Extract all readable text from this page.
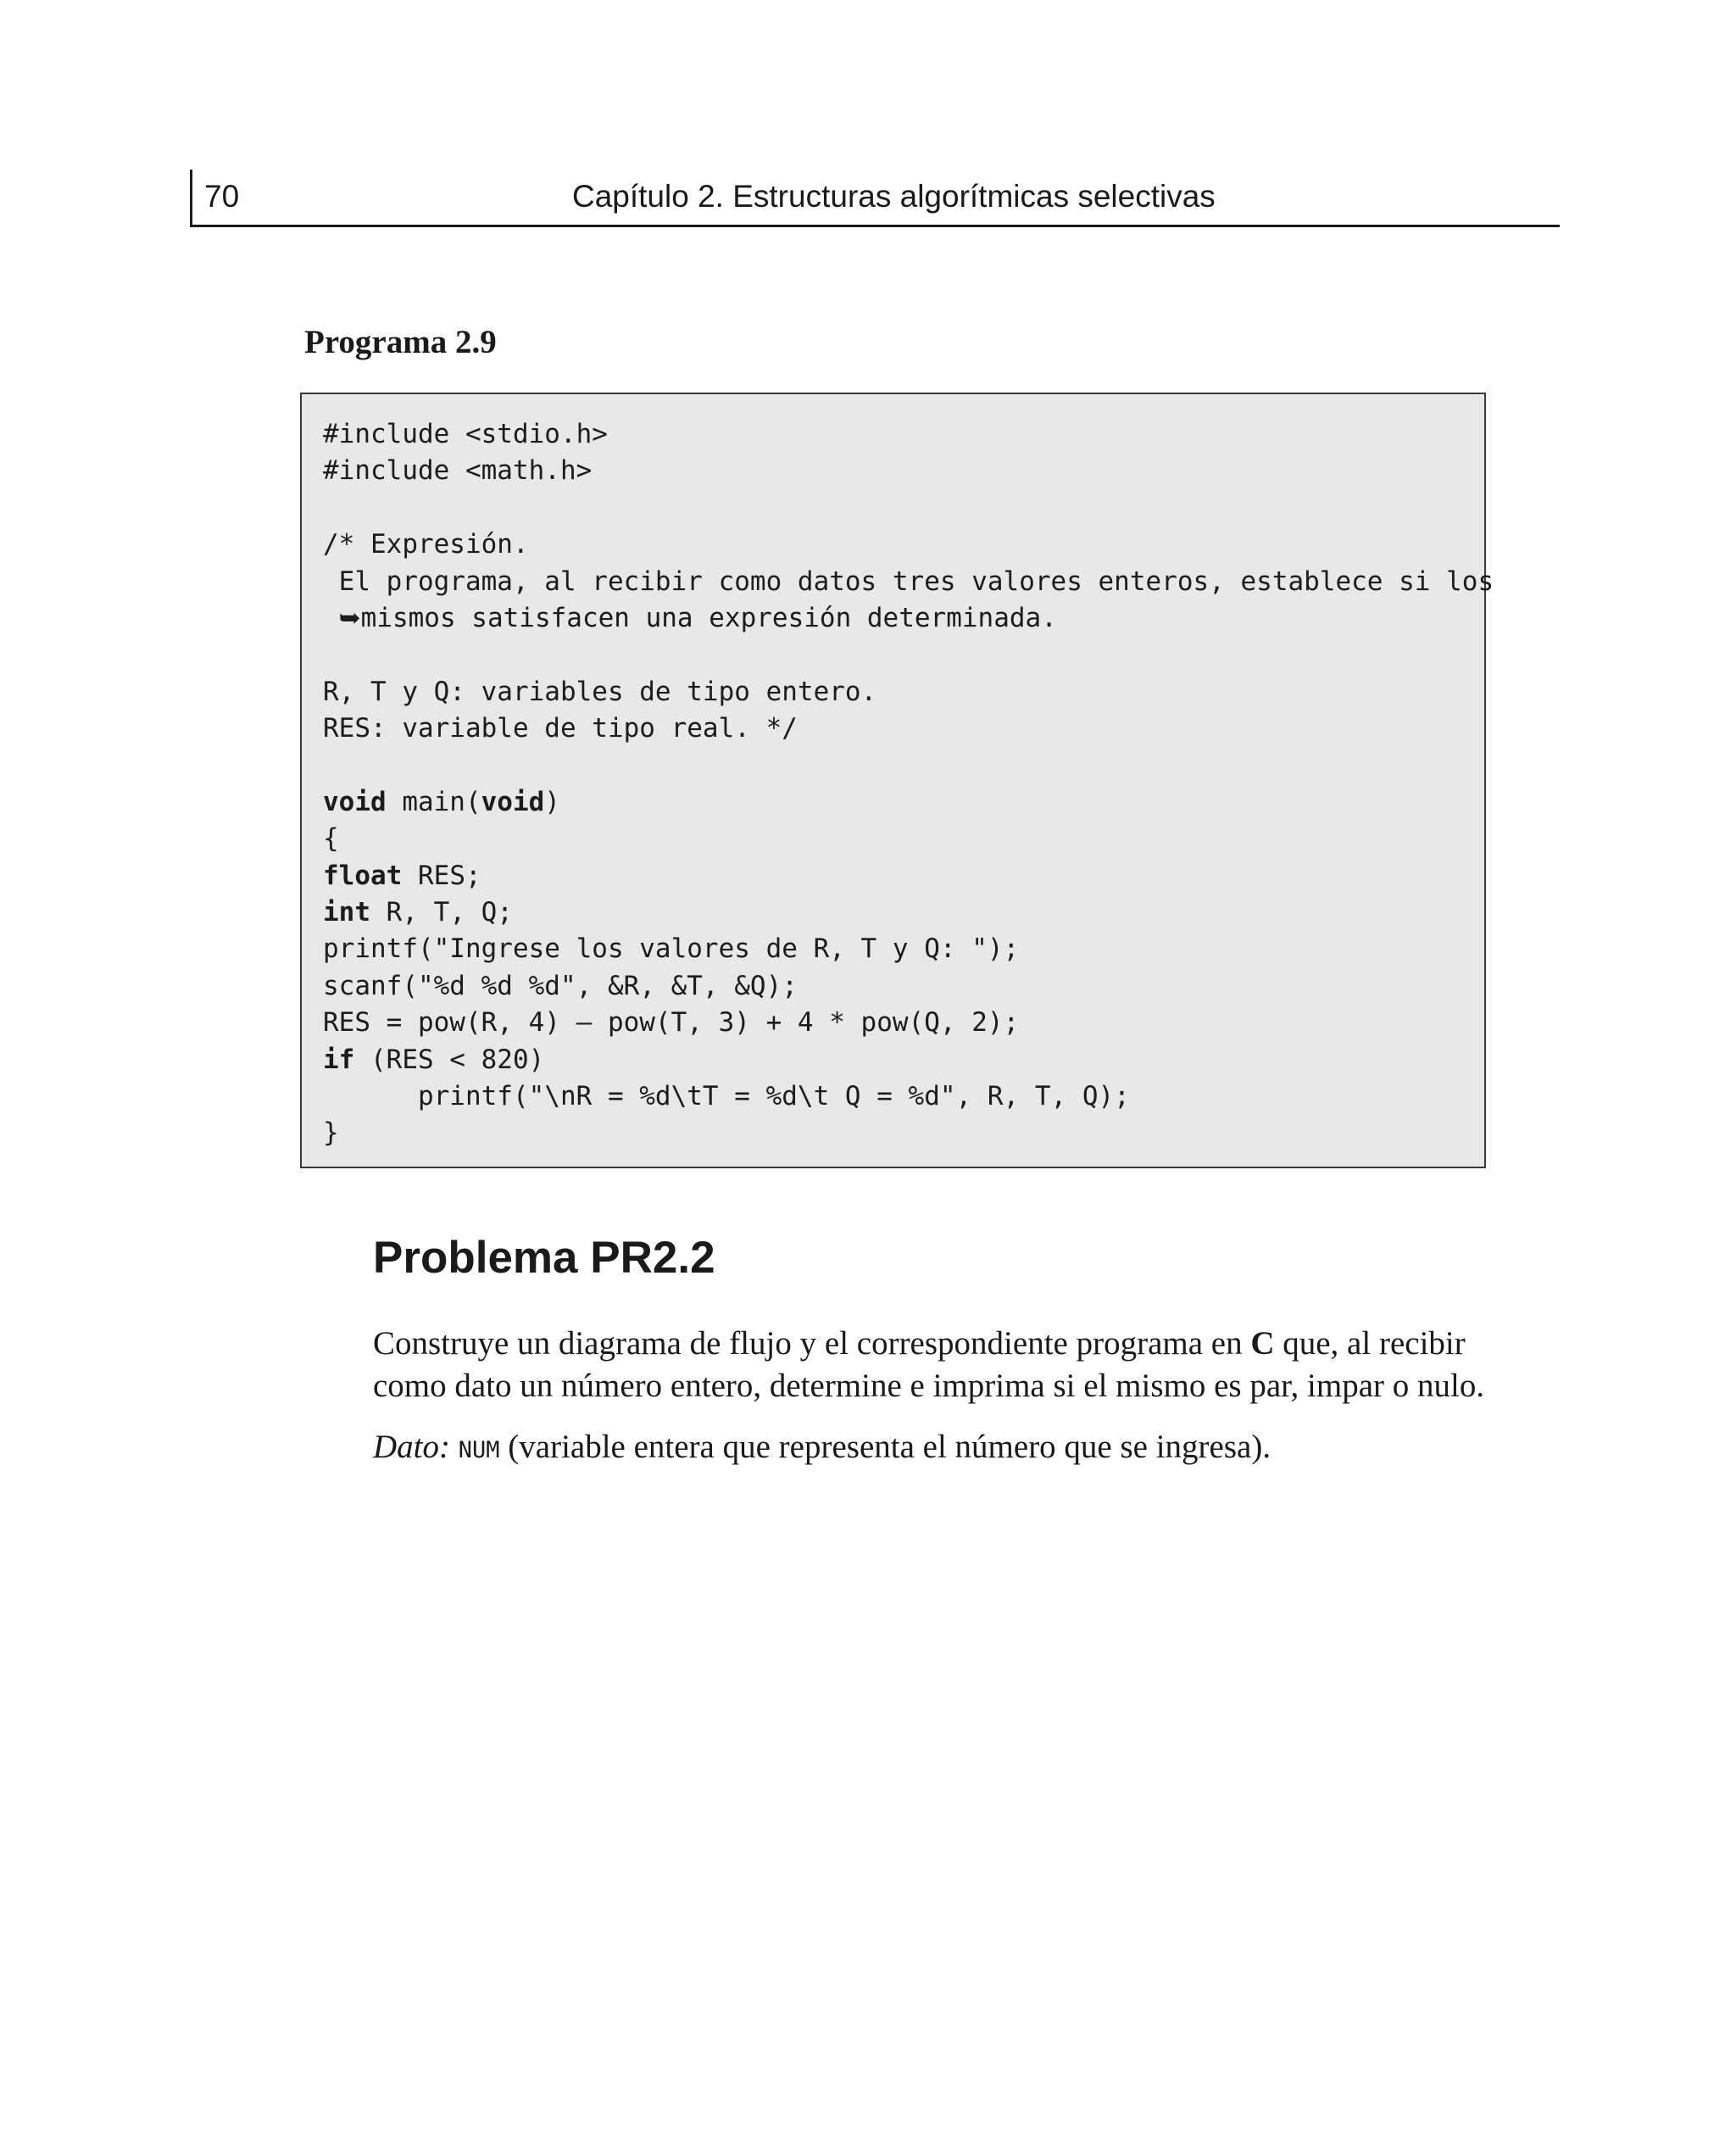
70	Capítulo 2. Estructuras algorítmicas selectivas
Programa 2.9
#include <stdio.h>
#include <math.h>
/* Expresión.
El programa, al recibir como datos tres valores enteros, establece si los
➥mismos satisfacen una expresión determinada.
R, T y Q: variables de tipo entero.
RES: variable de tipo real. */
void main(void)
{
float RES;
int R, T, Q;
printf("Ingrese los valores de R, T y Q: ");
scanf("%d %d %d", &R, &T, &Q);
RES = pow(R, 4) – pow(T, 3) + 4 * pow(Q, 2);
if (RES < 820)
printf("\nR = %d\tT = %d\t Q = %d", R, T, Q);
}
Problema PR2.2

Construye un diagrama de flujo y el correspondiente programa en C que, al recibir

como dato un número entero, determine e imprima si el mismo es par, impar o nulo.

Dato: NUM (variable entera que representa el número que se ingresa).
